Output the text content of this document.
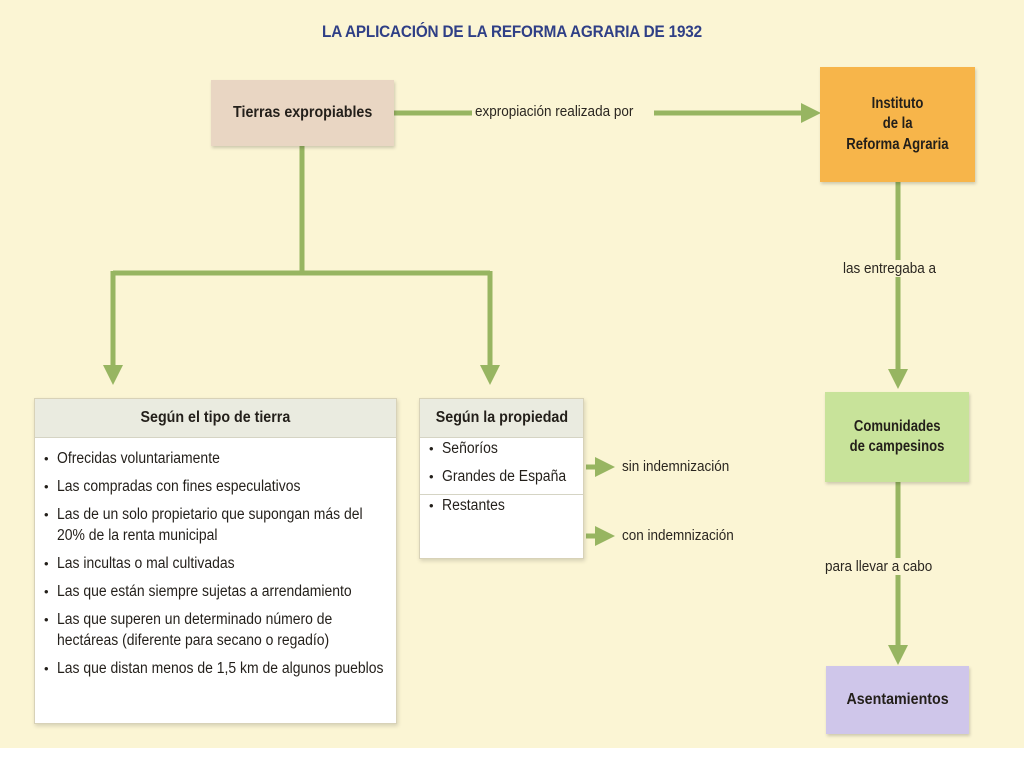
LA APLICACIÓN DE LA REFORMA AGRARIA DE 1932
Tierras expropiables
Instituto
de la
Reforma Agraria
Comunidades
de campesinos
Asentamientos
expropiación realizada por
las entregaba a
para llevar a cabo
sin indemnización
con indemnización
Según el tipo de tierra
• Ofrecidas voluntariamente
• Las compradas con fines especulativos
• Las de un solo propietario que supongan más del 20% de la renta municipal
• Las incultas o mal cultivadas
• Las que están siempre sujetas a arrendamiento
• Las que superen un determinado número de hectáreas (diferente para secano o regadío)
• Las que distan menos de 1,5 km de algunos pueblos
Según la propiedad
• Señoríos
• Grandes de España
• Restantes
